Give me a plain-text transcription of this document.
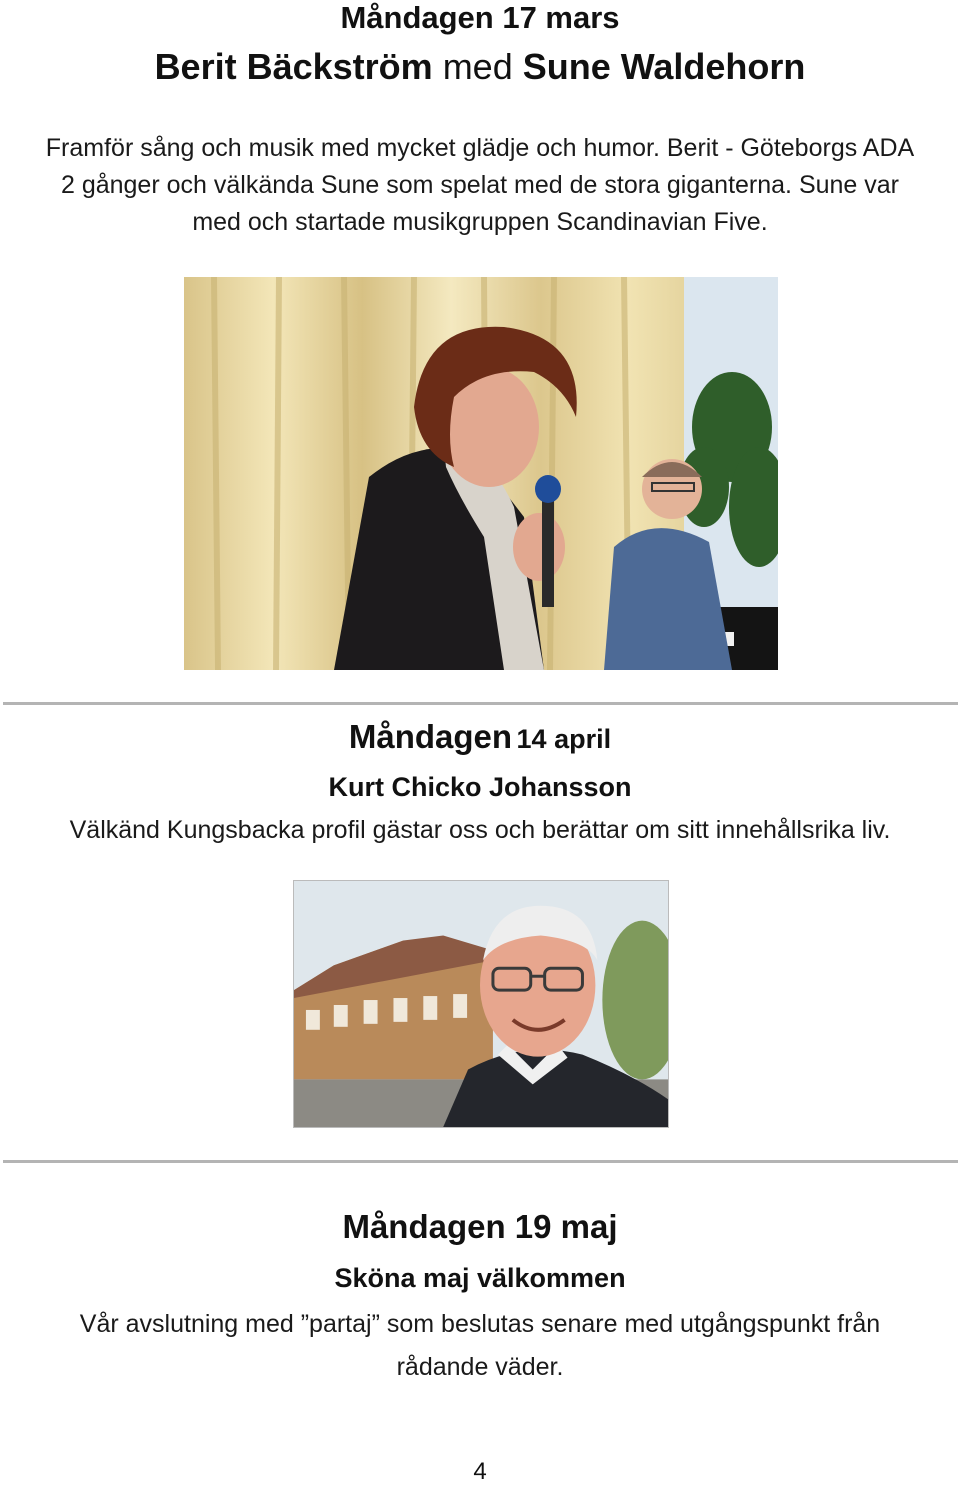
Måndagen 17 mars
Berit Bäckström med Sune Waldehorn
Framför sång och musik med mycket glädje och humor. Berit - Göteborgs ADA
2 gånger och välkända Sune som spelat med de stora giganterna. Sune var
med och startade musikgruppen Scandinavian Five.
Måndagen 14 april
Kurt Chicko Johansson
Välkänd Kungsbacka profil gästar oss och berättar om sitt innehållsrika liv.
Måndagen 19 maj
Sköna maj välkommen
Vår avslutning med ”partaj” som beslutas senare med utgångspunkt från
rådande väder.
4
